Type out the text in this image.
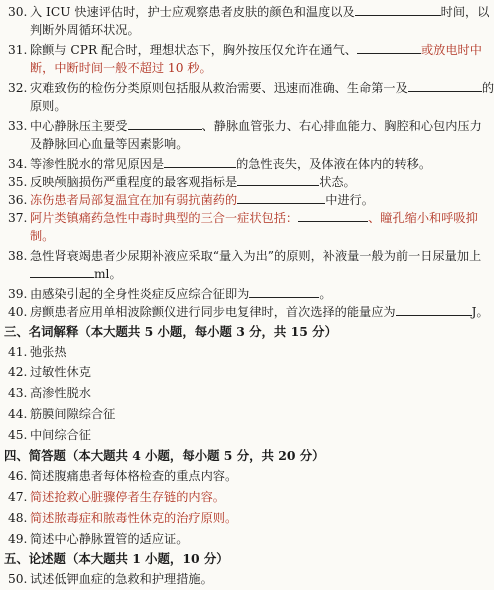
30. 入 ICU 快速评估时，护士应观察患者皮肤的颜色和温度以及	时间，以
判断外周循环状况。
31. 除颤与 CPR 配合时，理想状态下，胸外按压仅允许在通气、	或放电时中
断，中断时间一般不超过 10 秒。
32. 灾难致伤的检伤分类原则包括服从救治需要、迅速而准确、生命第一及	的
原则。
33. 中心静脉压主要受	、静脉血管张力、右心排血能力、胸腔和心包内压力
及静脉回心血量等因素影响。
34. 等渗性脱水的常见原因是	的急性丧失，及体液在体内的转移。
35. 反映颅脑损伤严重程度的最客观指标是	状态。
36. 冻伤患者局部复温宜在加有弱抗菌药的	中进行。
37. 阿片类镇痛药急性中毒时典型的三合一症状包括：	、瞳孔缩小和呼吸抑
制。
38. 急性肾衰竭患者少尿期补液应采取“量入为出”的原则，补液量一般为前一日尿量加上
ml。
39. 由感染引起的全身性炎症反应综合征即为	。
40. 房颤患者应用单相波除颤仪进行同步电复律时，首次选择的能量应为	J。
三、名词解释（本大题共 5 小题，每小题 3 分，共 15 分）
41. 弛张热
42. 过敏性休克
43. 高渗性脱水
44. 筋膜间隙综合征
45. 中间综合征
四、简答题（本大题共 4 小题，每小题 5 分，共 20 分）
46. 简述腹痛患者每体格检查的重点内容。
47. 简述抢救心脏骤停者生存链的内容。
48. 简述脓毒症和脓毒性休克的治疗原则。
49. 简述中心静脉置管的适应证。
五、论述题（本大题共 1 小题，10 分）
50. 试述低钾血症的急救和护理措施。
